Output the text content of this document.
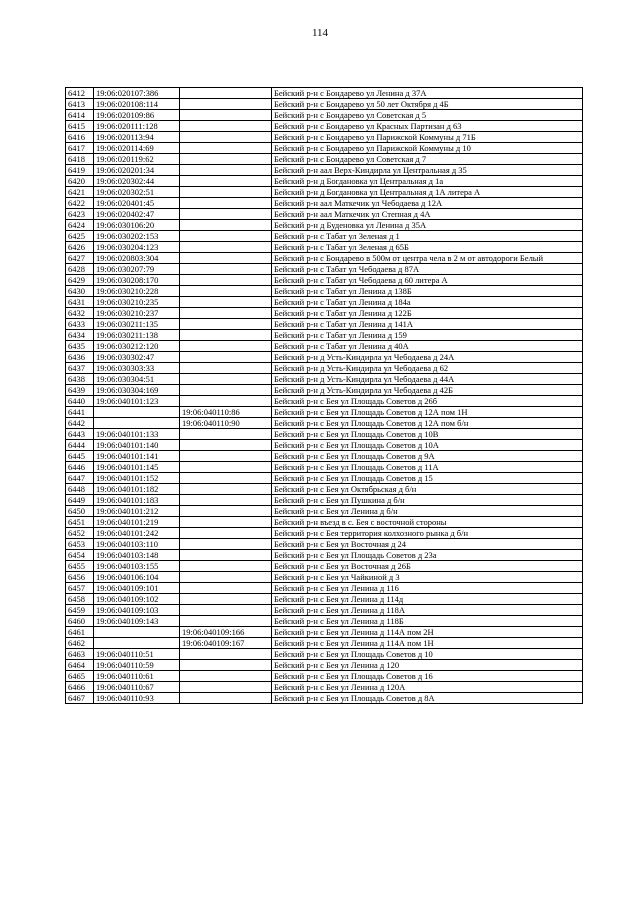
114
6412	19:06:020107:386		Бейский р-н с Бондарево ул Ленина д 37А
6413	19:06:020108:114		Бейский р-н с Бондарево ул 50 лет Октября д 4Б
6414	19:06:020109:86		Бейский р-н с Бондарево ул Советская д 5
6415	19:06:020111:128		Бейский р-н с Бондарево ул Красных Партизан д 63
6416	19:06:020113:94		Бейский р-н с Бондарево ул Парижской Коммуны д 71Б
6417	19:06:020114:69		Бейский р-н с Бондарево ул Парижской Коммуны д 10
6418	19:06:020119:62		Бейский р-н с Бондарево ул Советская д 7
6419	19:06:020201:34		Бейский р-н аал Верх-Киндирла ул Центральная д 35
6420	19:06:020302:44		Бейский р-н д Богдановка ул Центральная д 1а
6421	19:06:020302:51		Бейский р-н д Богдановка ул Центральная д 1А литера А
6422	19:06:020401:45		Бейский р-н аал Маткечик ул Чебодаева д 12А
6423	19:06:020402:47		Бейский р-н аал Маткечик ул Степная д 4А
6424	19:06:030106:20		Бейский р-н д Буденовка ул Ленина д 35А
6425	19:06:030202:153		Бейский р-н с Табат ул Зеленая д 1
6426	19:06:030204:123		Бейский р-н с Табат ул Зеленая д 65Б
6427	19:06:020803:304		Бейский р-н с Бондарево в 500м от центра чела в 2 м от автодороги Белый
6428	19:06:030207:79		Бейский р-н с Табат ул Чебодаева д 87А
6429	19:06:030208:170		Бейский р-н с Табат ул Чебодаева д 60 литера А
6430	19:06:030210:228		Бейский р-н с Табат ул Ленина д 138Б
6431	19:06:030210:235		Бейский р-н с Табат ул Ленина д 184а
6432	19:06:030210:237		Бейский р-н с Табат ул Ленина д 122Б
6433	19:06:030211:135		Бейский р-н с Табат ул Ленина д 141А
6434	19:06:030211:138		Бейский р-н с Табат ул Ленина д 159
6435	19:06:030212:120		Бейский р-н с Табат ул Ленина д 40А
6436	19:06:030302:47		Бейский р-н д Усть-Киндирла ул Чебодаева д 24А
6437	19:06:030303:33		Бейский р-н д Усть-Киндирла ул Чебодаева д 62
6438	19:06:030304:51		Бейский р-н д Усть-Киндирла ул Чебодаева д 44А
6439	19:06:030304:169		Бейский р-н д Усть-Киндирла ул Чебодаева д 42Б
6440	19:06:040101:123		Бейский р-н с Бея ул Площадь Советов д 26б
6441		19:06:040110:86	Бейский р-н с Бея ул Площадь Советов д 12А пом 1Н
6442		19:06:040110:90	Бейский р-н с Бея ул Площадь Советов д 12А пом б/н
6443	19:06:040101:133		Бейский р-н с Бея ул Площадь Советов д 10В
6444	19:06:040101:140		Бейский р-н с Бея ул Площадь Советов д 10А
6445	19:06:040101:141		Бейский р-н с Бея ул Площадь Советов д 9А
6446	19:06:040101:145		Бейский р-н с Бея ул Площадь Советов д 11А
6447	19:06:040101:152		Бейский р-н с Бея ул Площадь Советов д 15
6448	19:06:040101:182		Бейский р-н с Бея ул Октябрьская д б/н
6449	19:06:040101:183		Бейский р-н с Бея ул Пушкина д б/н
6450	19:06:040101:212		Бейский р-н с Бея ул Ленина д б/н
6451	19:06:040101:219		Бейский р-н въезд в с. Бея с восточной стороны
6452	19:06:040101:242		Бейский р-н с Бея территория колхозного рынка д б/н
6453	19:06:040103:110		Бейский р-н с Бея ул Восточная д 24
6454	19:06:040103:148		Бейский р-н с Бея ул Площадь Советов д 23а
6455	19:06:040103:155		Бейский р-н с Бея ул Восточная д 26Б
6456	19:06:040106:104		Бейский р-н с Бея ул Чайкиной д 3
6457	19:06:040109:101		Бейский р-н с Бея ул Ленина д 116
6458	19:06:040109:102		Бейский р-н с Бея ул Ленина д 114д
6459	19:06:040109:103		Бейский р-н с Бея ул Ленина д 118А
6460	19:06:040109:143		Бейский р-н с Бея ул Ленина д 118Б
6461		19:06:040109:166	Бейский р-н с Бея ул Ленина д 114А пом 2Н
6462		19:06:040109:167	Бейский р-н с Бея ул Ленина д 114А пом 1Н
6463	19:06:040110:51		Бейский р-н с Бея ул Площадь Советов д 10
6464	19:06:040110:59		Бейский р-н с Бея ул Ленина д 120
6465	19:06:040110:61		Бейский р-н с Бея ул Площадь Советов д 16
6466	19:06:040110:67		Бейский р-н с Бея ул Ленина д 120А
6467	19:06:040110:93		Бейский р-н с Бея ул Площадь Советов д 8А
